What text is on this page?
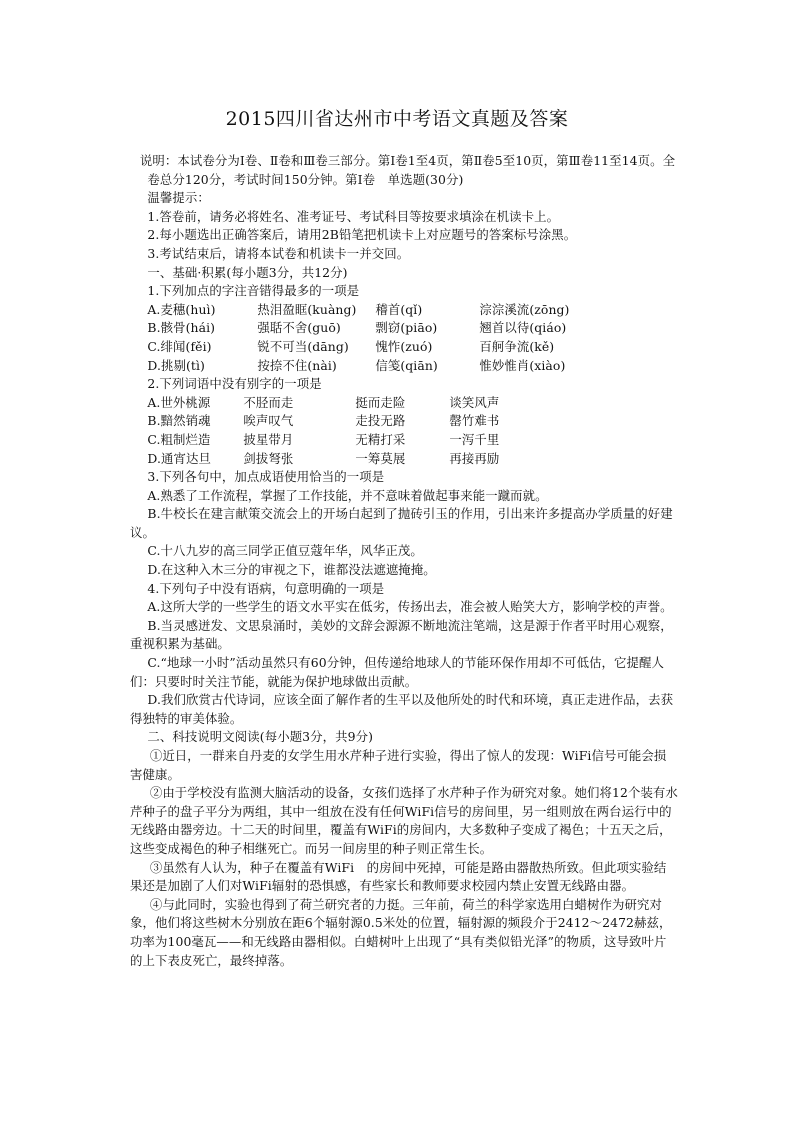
2015四川省达州市中考语文真题及答案

说明：本试卷分为Ⅰ卷、Ⅱ卷和Ⅲ卷三部分。第Ⅰ卷1至4页，第Ⅱ卷5至10页，第Ⅲ卷11至14页。全卷总分120分，考试时间150分钟。第Ⅰ卷　单选题(30分)

温馨提示：

1.答卷前，请务必将姓名、准考证号、考试科目等按要求填涂在机读卡上。

2.每小题选出正确答案后，请用2B铅笔把机读卡上对应题号的答案标号涂黑。

3.考试结束后，请将本试卷和机读卡一并交回。

一、基础·积累(每小题3分，共12分)

1.下列加点的字注音错得最多的一项是

A.麦穗(huì)	热泪盈眶(kuàng)	稽首(qǐ)	淙淙溪流(zōng)
B.骸骨(hái)	强聒不舍(guō)	剽窃(piāo)	翘首以待(qiáo)
C.绯闻(fěi)	锐不可当(dāng)	愧怍(zuó)	百舸争流(kě)
D.挑剔(tì)	按捺不住(nài)	信笺(qiān)	惟妙惟肖(xiào)

2.下列词语中没有别字的一项是

A.世外桃源	不胫而走	挺而走险	谈笑风声
B.黯然销魂	唉声叹气	走投无路	罄竹难书
C.粗制烂造	披星带月	无精打采	一泻千里
D.通宵达旦	剑拔弩张	一筹莫展	再接再励

3.下列各句中，加点成语使用恰当的一项是

A.熟悉了工作流程，掌握了工作技能，并不意味着做起事来能一蹴而就。

B.牛校长在建言献策交流会上的开场白起到了抛砖引玉的作用，引出来许多提高办学质量的好建议。

C.十八九岁的高三同学正值豆蔻年华，风华正茂。

D.在这种入木三分的审视之下，谁都没法遮遮掩掩。

4.下列句子中没有语病，句意明确的一项是

A.这所大学的一些学生的语文水平实在低劣，传扬出去，准会被人贻笑大方，影响学校的声誉。

B.当灵感迸发、文思泉涌时，美妙的文辞会源源不断地流注笔端，这是源于作者平时用心观察，重视积累为基础。

C.“地球一小时”活动虽然只有60分钟，但传递给地球人的节能环保作用却不可低估，它提醒人们：只要时时关注节能，就能为保护地球做出贡献。

D.我们欣赏古代诗词，应该全面了解作者的生平以及他所处的时代和环境，真正走进作品，去获得独特的审美体验。

二、科技说明文阅读(每小题3分，共9分)

①近日，一群来自丹麦的女学生用水芹种子进行实验，得出了惊人的发现：WiFi信号可能会损害健康。

②由于学校没有监测大脑活动的设备，女孩们选择了水芹种子作为研究对象。她们将12个装有水芹种子的盘子平分为两组，其中一组放在没有任何WiFi信号的房间里，另一组则放在两台运行中的无线路由器旁边。十二天的时间里，覆盖有WiFi的房间内，大多数种子变成了褐色；十五天之后，这些变成褐色的种子相继死亡。而另一间房里的种子则正常生长。

③虽然有人认为，种子在覆盖有WiFi　的房间中死掉，可能是路由器散热所致。但此项实验结果还是加剧了人们对WiFi辐射的恐惧感，有些家长和教师要求校园内禁止安置无线路由器。

④与此同时，实验也得到了荷兰研究者的力挺。三年前，荷兰的科学家选用白蜡树作为研究对象，他们将这些树木分别放在距6个辐射源0.5米处的位置，辐射源的频段介于2412～2472赫兹，功率为100毫瓦——和无线路由器相似。白蜡树叶上出现了“具有类似铅光泽”的物质，这导致叶片的上下表皮死亡，最终掉落。
